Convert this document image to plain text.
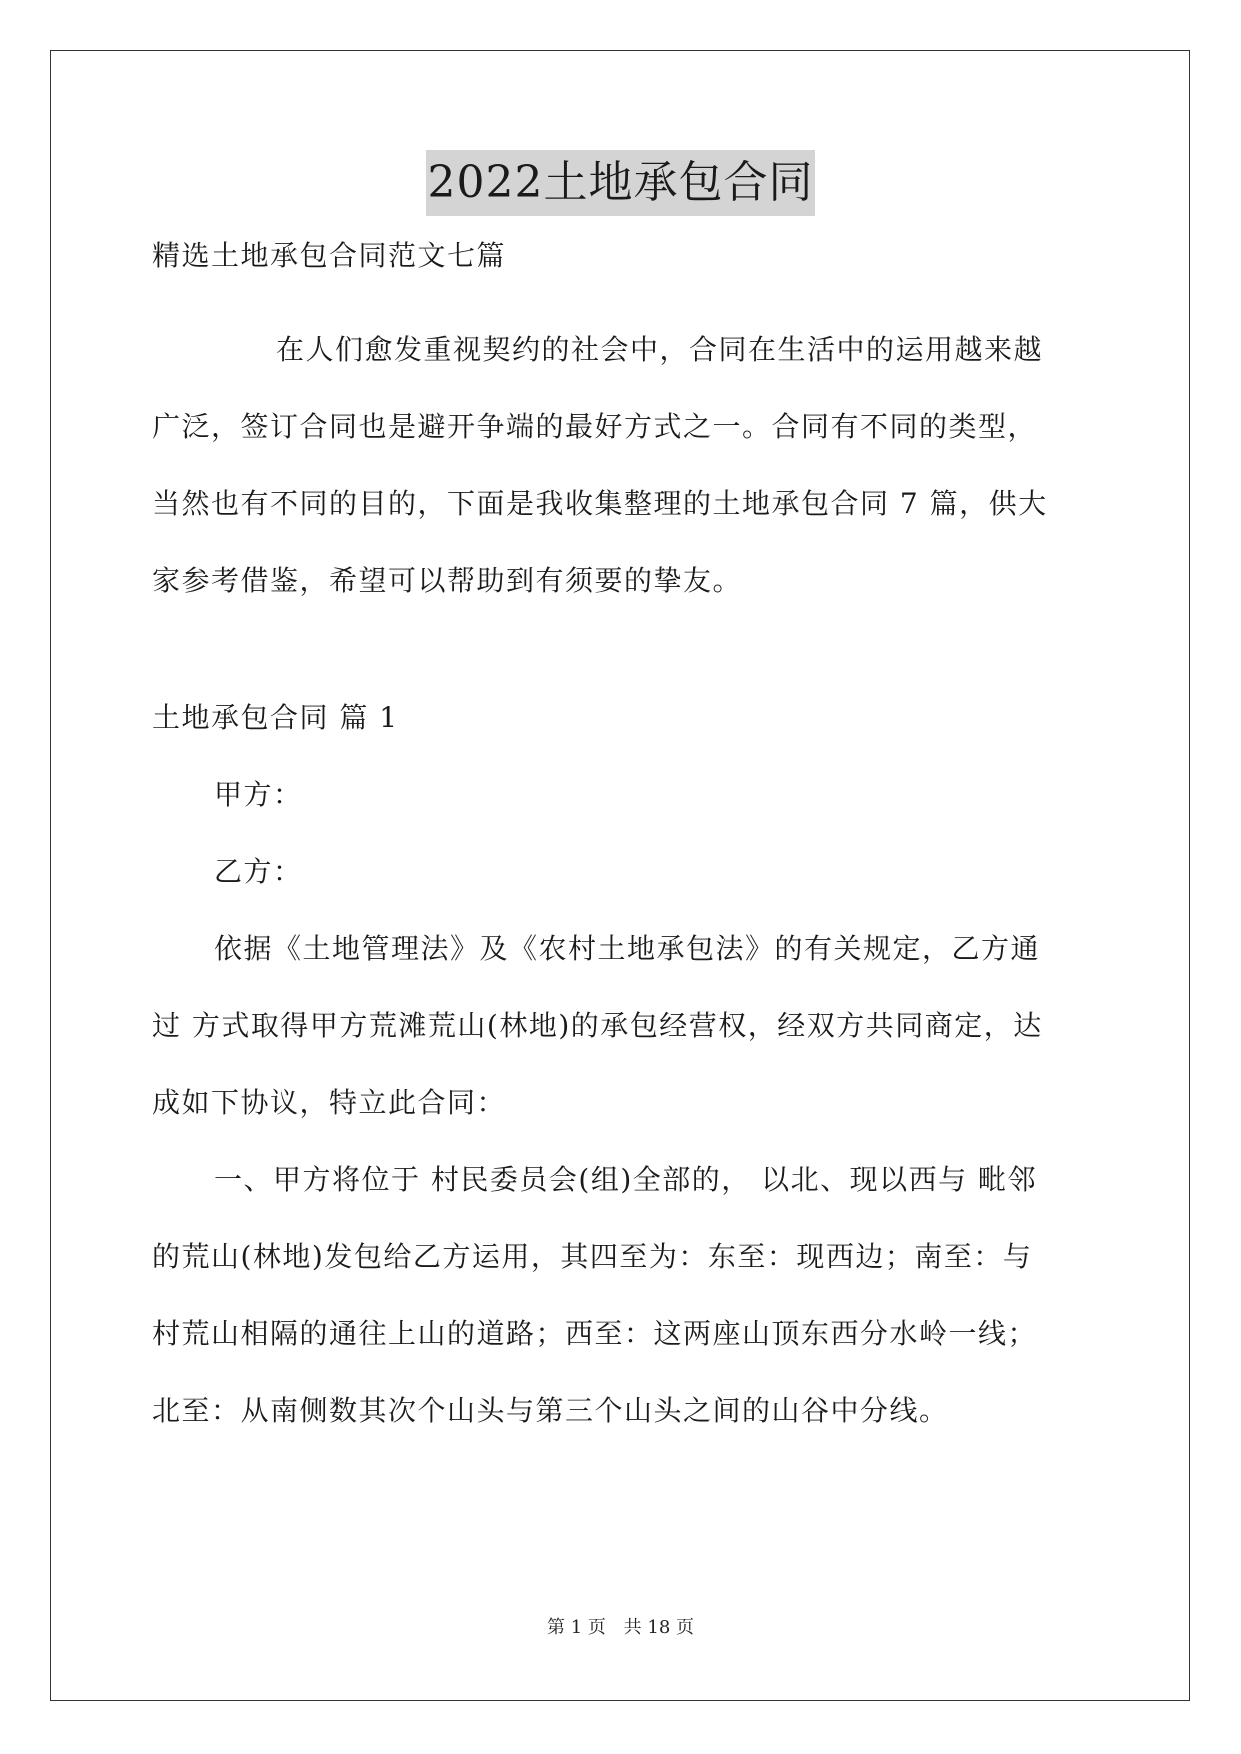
2022土地承包合同
精选土地承包合同范文七篇
在人们愈发重视契约的社会中，合同在生活中的运用越来越
广泛，签订合同也是避开争端的最好方式之一。合同有不同的类型，
当然也有不同的目的，下面是我收集整理的土地承包合同 7 篇，供大
家参考借鉴，希望可以帮助到有须要的挚友。
土地承包合同 篇 1
甲方：
乙方：
依据《土地管理法》及《农村土地承包法》的有关规定，乙方通
过 方式取得甲方荒滩荒山(林地)的承包经营权，经双方共同商定，达
成如下协议，特立此合同：
一、甲方将位于 村民委员会(组)全部的， 以北、现以西与 毗邻
的荒山(林地)发包给乙方运用，其四至为：东至：现西边；南至：与
村荒山相隔的通往上山的道路；西至：这两座山顶东西分水岭一线；
北至：从南侧数其次个山头与第三个山头之间的山谷中分线。
第 1 页 共 18 页
